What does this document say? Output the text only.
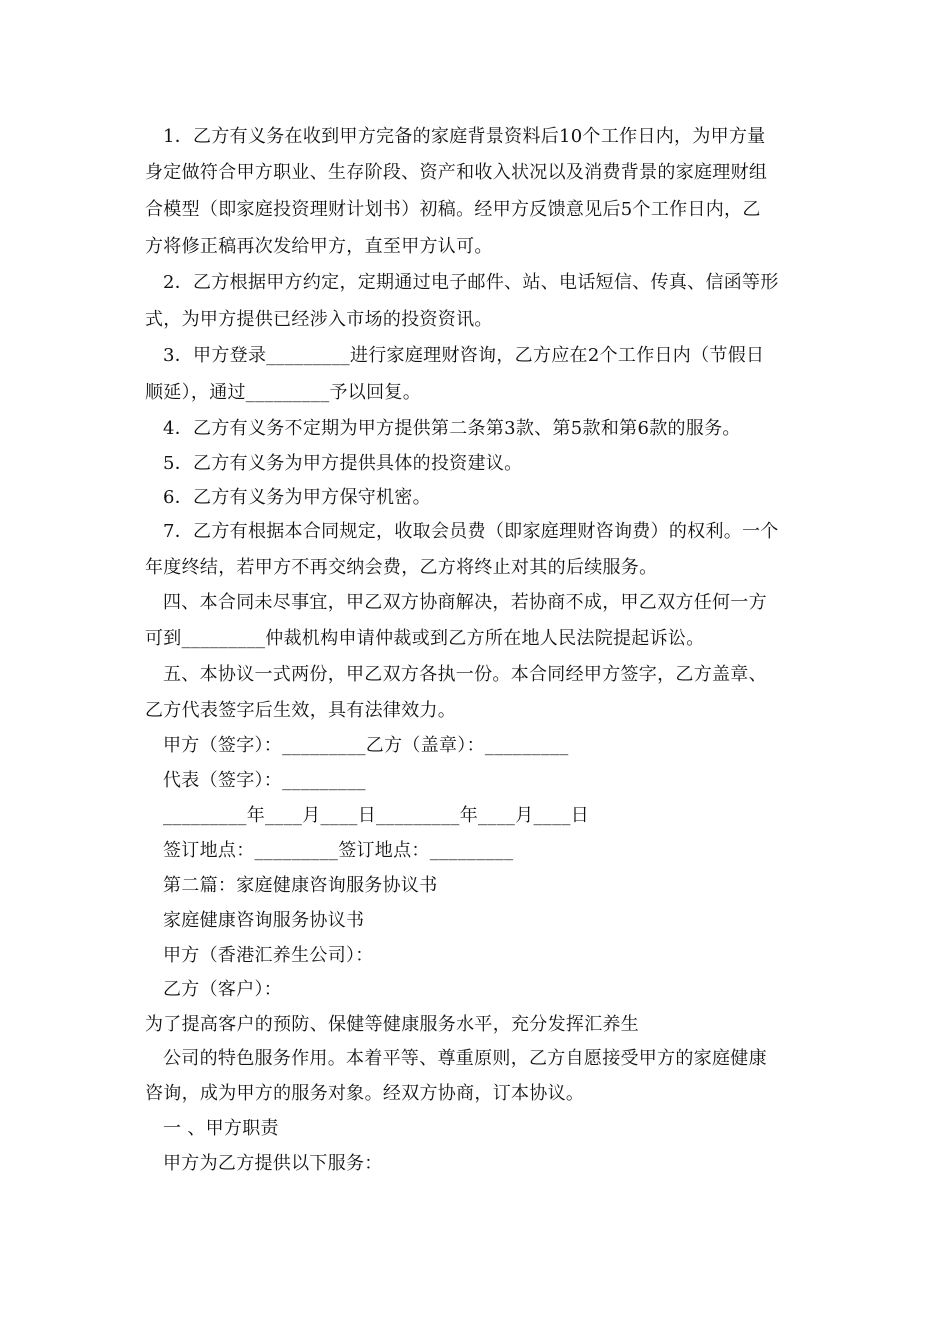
1．乙方有义务在收到甲方完备的家庭背景资料后10个工作日内，为甲方量
身定做符合甲方职业、生存阶段、资产和收入状况以及消费背景的家庭理财组
合模型（即家庭投资理财计划书）初稿。经甲方反馈意见后5个工作日内，乙
方将修正稿再次发给甲方，直至甲方认可。
2．乙方根据甲方约定，定期通过电子邮件、站、电话短信、传真、信函等形
式，为甲方提供已经涉入市场的投资资讯。
3．甲方登录_________进行家庭理财咨询，乙方应在2个工作日内（节假日
顺延），通过_________予以回复。
4．乙方有义务不定期为甲方提供第二条第3款、第5款和第6款的服务。
5．乙方有义务为甲方提供具体的投资建议。
6．乙方有义务为甲方保守机密。
7．乙方有根据本合同规定，收取会员费（即家庭理财咨询费）的权利。一个
年度终结，若甲方不再交纳会费，乙方将终止对其的后续服务。
四、本合同未尽事宜，甲乙双方协商解决，若协商不成，甲乙双方任何一方
可到_________仲裁机构申请仲裁或到乙方所在地人民法院提起诉讼。
五、本协议一式两份，甲乙双方各执一份。本合同经甲方签字，乙方盖章、
乙方代表签字后生效，具有法律效力。
甲方（签字）：_________乙方（盖章）：_________
代表（签字）：_________
_________年____月____日_________年____月____日
签订地点：_________签订地点：_________
第二篇：家庭健康咨询服务协议书
家庭健康咨询服务协议书
甲方（香港汇养生公司）：
乙方（客户）：
为了提高客户的预防、保健等健康服务水平，充分发挥汇养生
公司的特色服务作用。本着平等、尊重原则，乙方自愿接受甲方的家庭健康
咨询，成为甲方的服务对象。经双方协商，订本协议。
一 、甲方职责
甲方为乙方提供以下服务：
